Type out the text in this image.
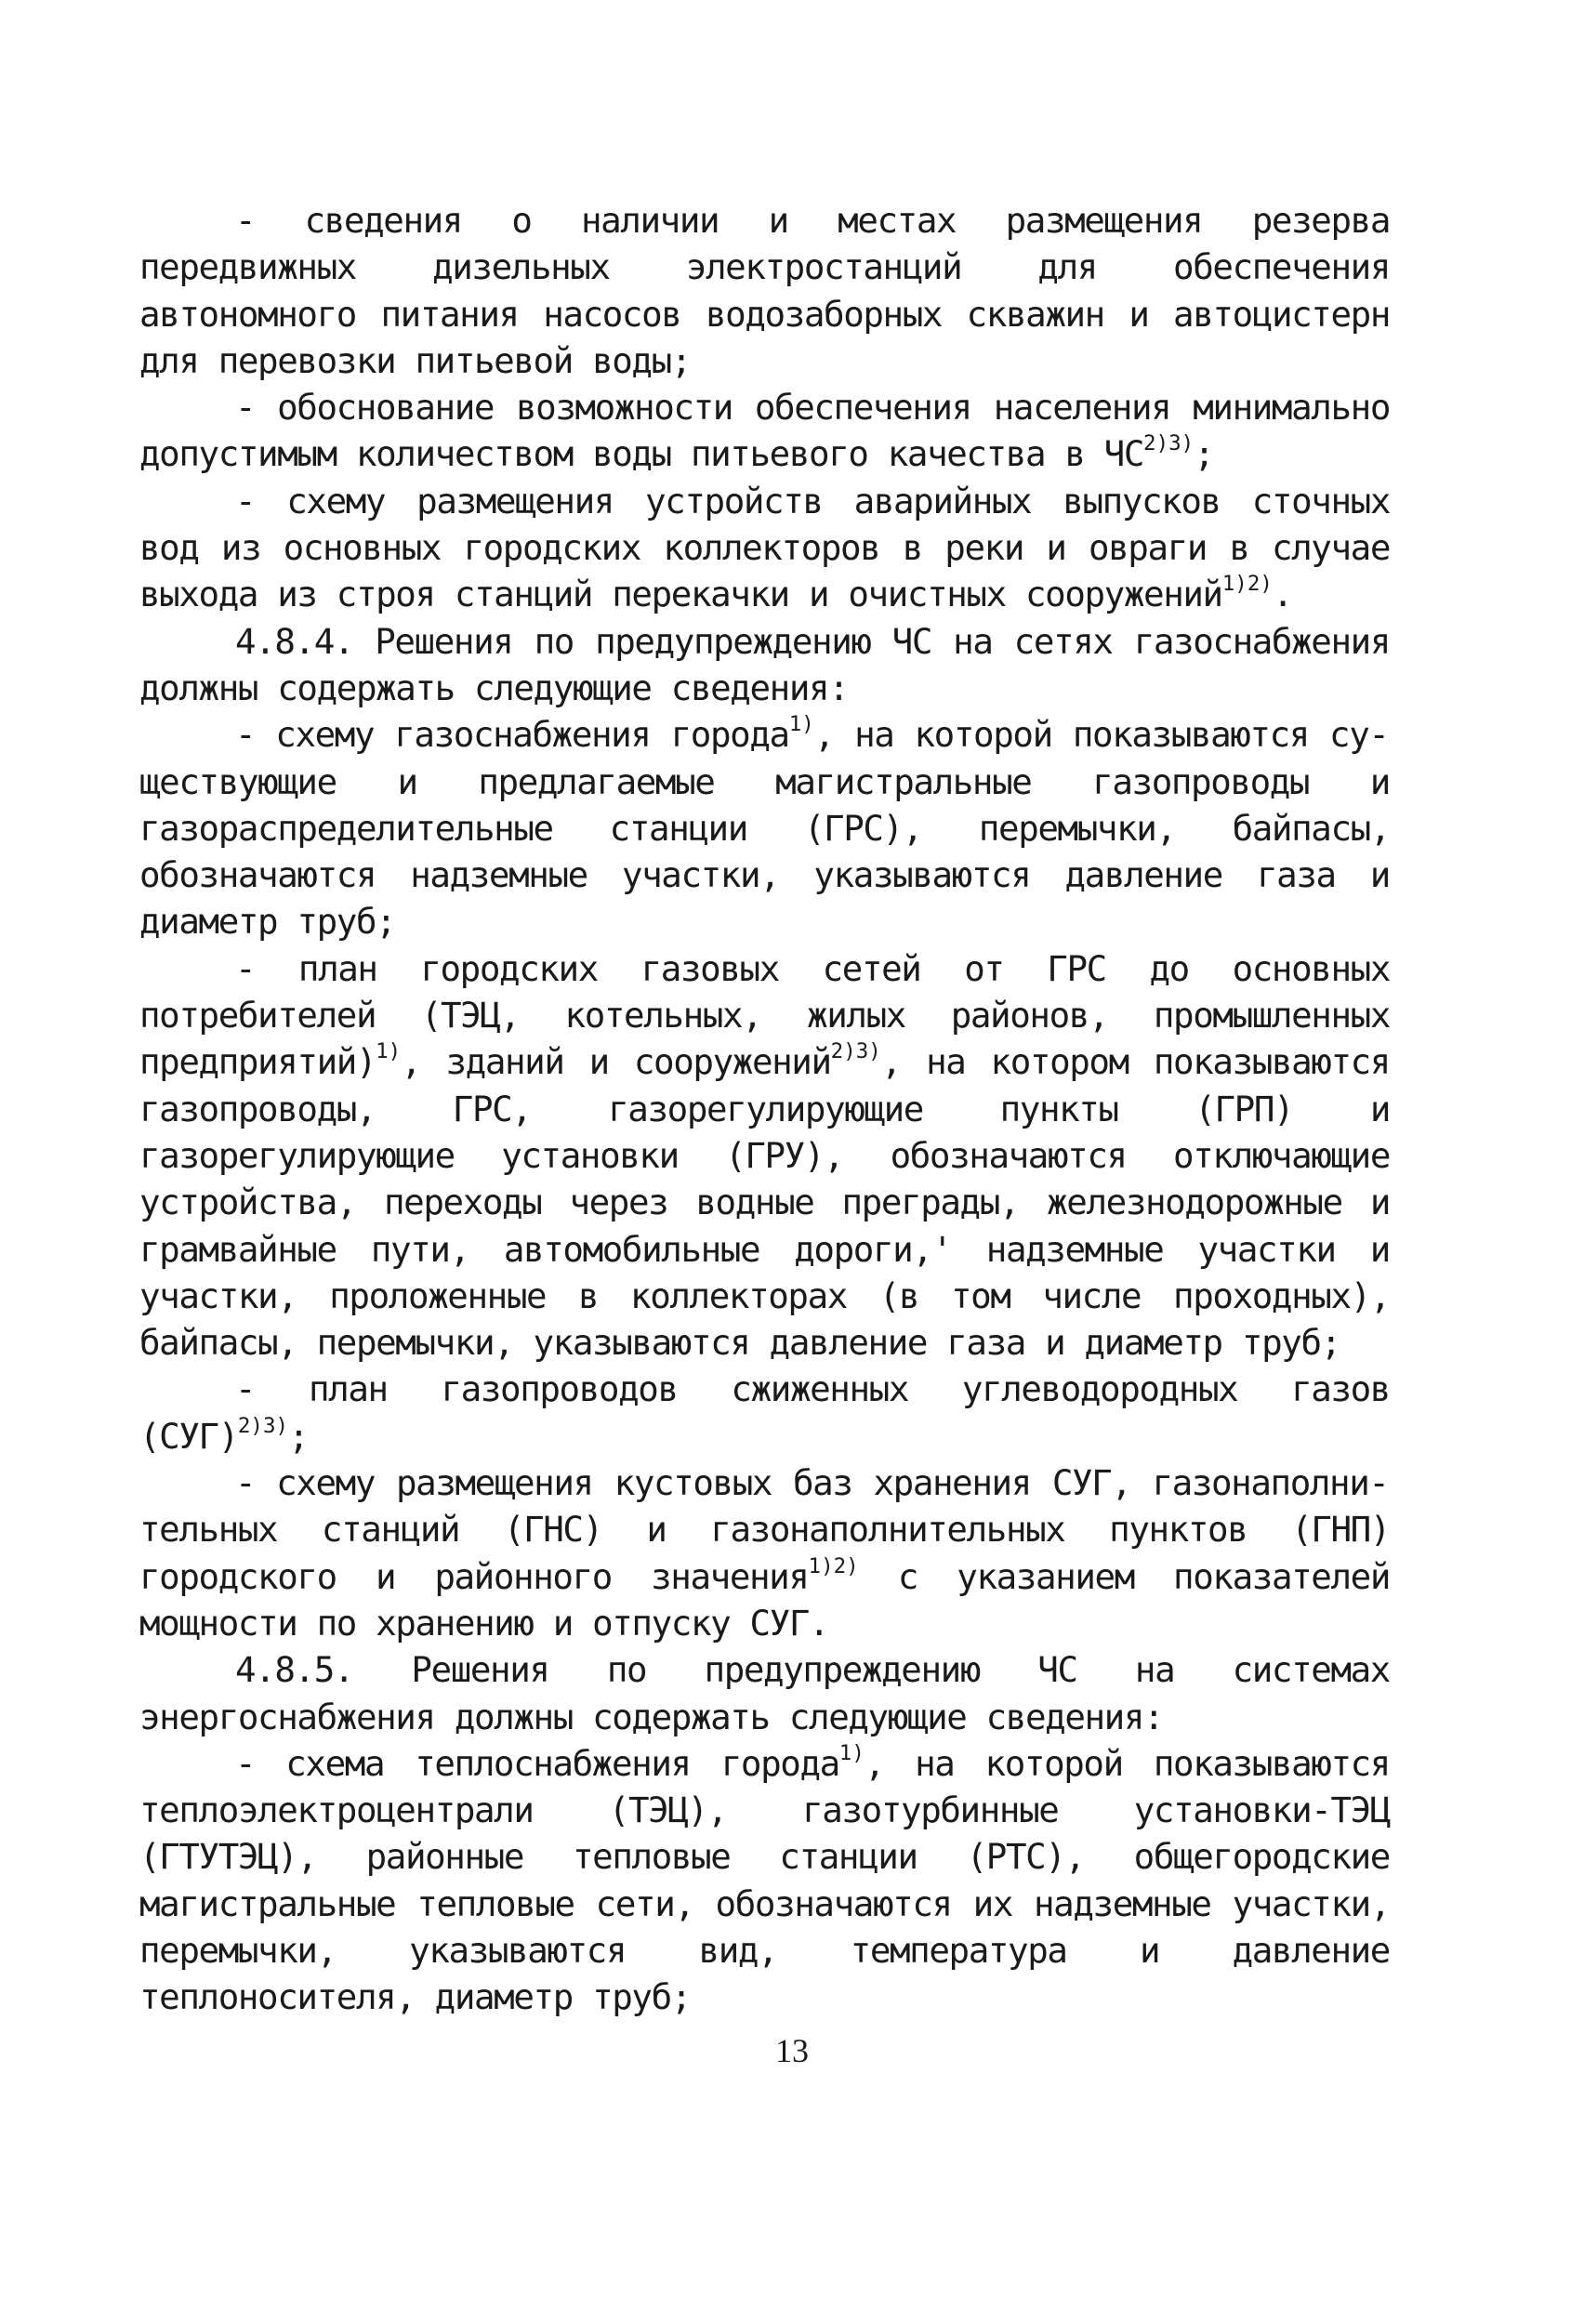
- сведения о наличии и местах размещения резерва передвижных дизельных электростанций для обеспечения автономного питания насосов водозаборных скважин и автоцистерн для перевозки питьевой воды;

- обоснование возможности обеспечения населения минимально допустимым количеством воды питьевого качества в $ЧС^{2)3)}$;

- схему размещения устройств аварийных выпусков сточных вод из основных городских коллекторов в реки и овраги в случае выхода из строя станций перекачки и очистных сооружений$^{1)2)}$.

4.8.4. Решения по предупреждению ЧС на сетях газоснабжения должны содержать следующие сведения:

- схему газоснабжения города$^{1)}$, на которой показываются существующие и предлагаемые магистральные газопроводы и газораспределительные станции (ГРС), перемычки, байпасы, обозначаются надземные участки, указываются давление газа и диаметр труб;

- план городских газовых сетей от ГРС до основных потребителей (ТЭЦ, котельных, жилых районов, промышленных предприятий)$^{1)}$, зданий и сооружений$^{2)3)}$, на котором показываются газопроводы, ГРС, газорегулирующие пункты (ГРП) и газорегулирующие установки (ГРУ), обозначаются отключающие устройства, переходы через водные преграды, железнодорожные и грамвайные пути, автомобильные дороги,' надземные участки и участки, проложенные в коллекторах (в том числе проходных), байпасы, перемычки, указываются давление газа и диаметр труб;

- план газопроводов сжиженных углеводородных газов (СУГ)$^{2)3)}$;

- схему размещения кустовых баз хранения СУГ, газонаполнительных станций (ГНС) и газонаполнительных пунктов (ГНП) городского и районного значения$^{1)2)}$ с указанием показателей мощности по хранению и отпуску СУГ.

4.8.5. Решения по предупреждению ЧС на системах энергоснабжения должны содержать следующие сведения:

- схема теплоснабжения города$^{1)}$, на которой показываются теплоэлектроцентрали (ТЭЦ), газотурбинные установки-ТЭЦ (ГТУТЭЦ), районные тепловые станции (РТС), общегородские магистральные тепловые сети, обозначаются их надземные участки, перемычки, указываются вид, температура и давление теплоносителя, диаметр труб;

13
